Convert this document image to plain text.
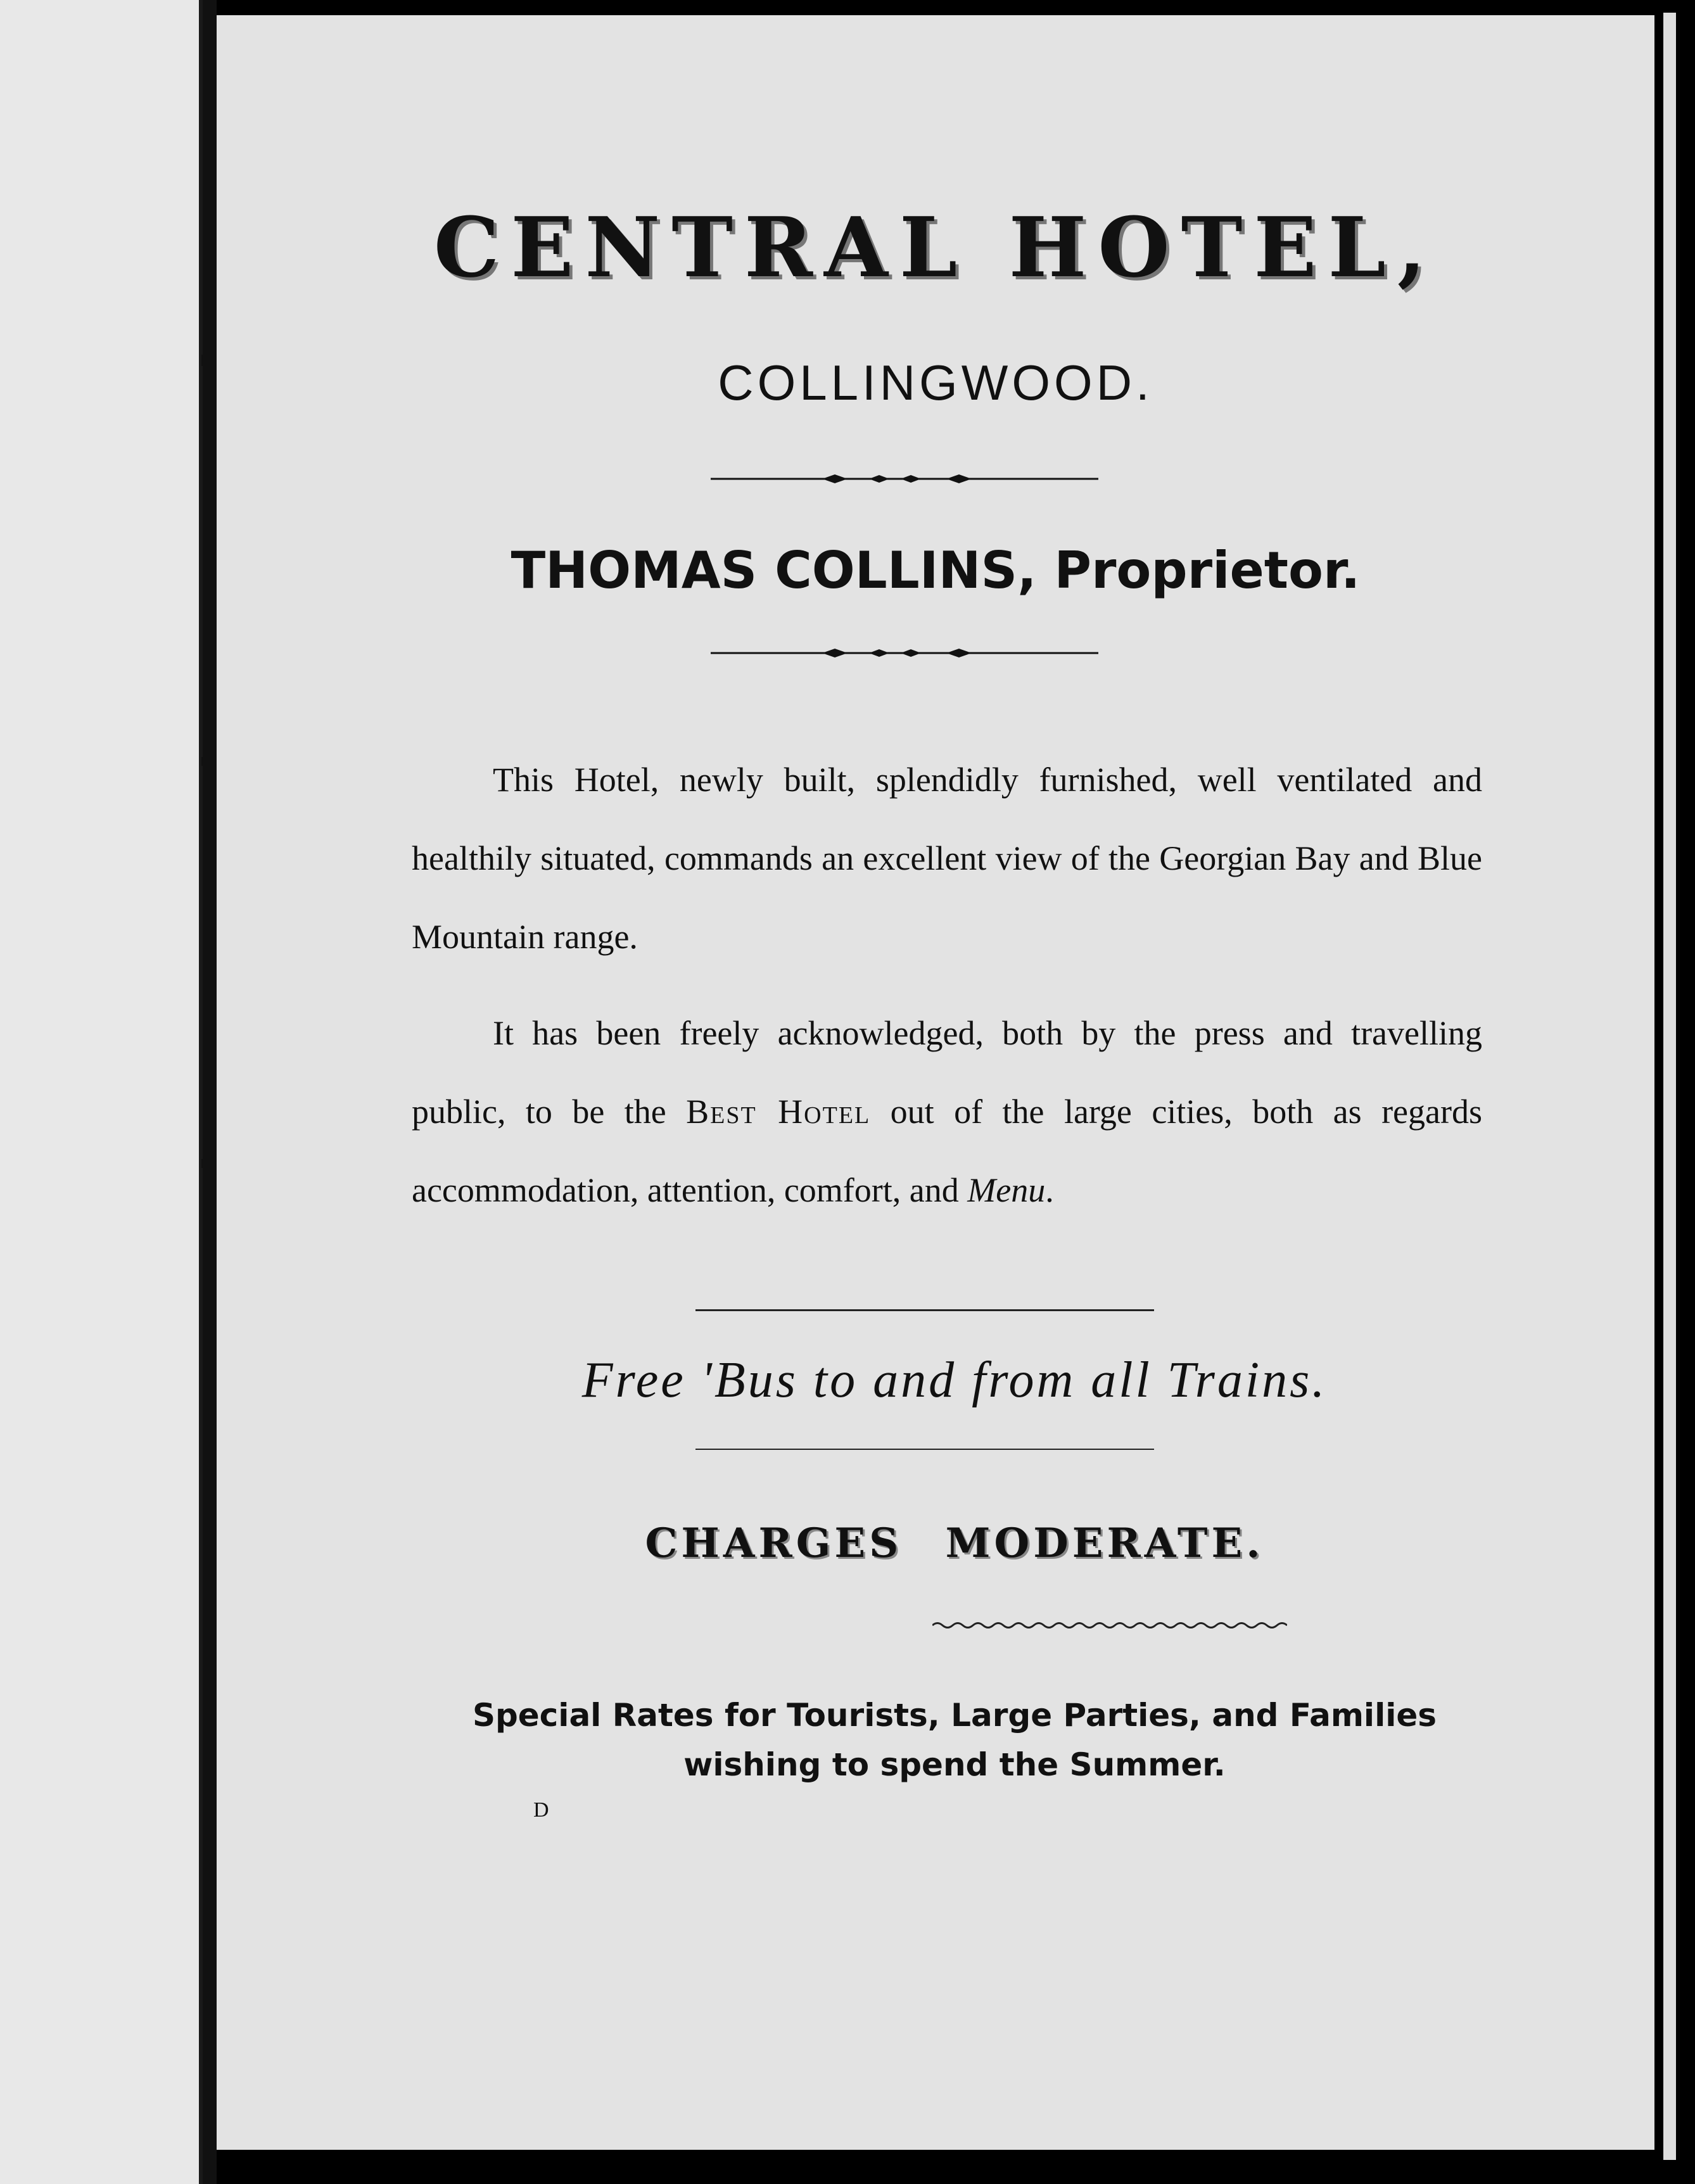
CENTRAL HOTEL,
COLLINGWOOD.
THOMAS COLLINS, Proprietor.
This Hotel, newly built, splendidly furnished, well ventilated and healthily situated, commands an excellent view of the Georgian Bay and Blue Mountain range.
It has been freely acknowledged, both by the press and travelling public, to be the Best Hotel out of the large cities, both as regards accommodation, attention, comfort, and Menu.
Free 'Bus to and from all Trains.
CHARGES MODERATE.
Special Rates for Tourists, Large Parties, and Families
wishing to spend the Summer.
D
